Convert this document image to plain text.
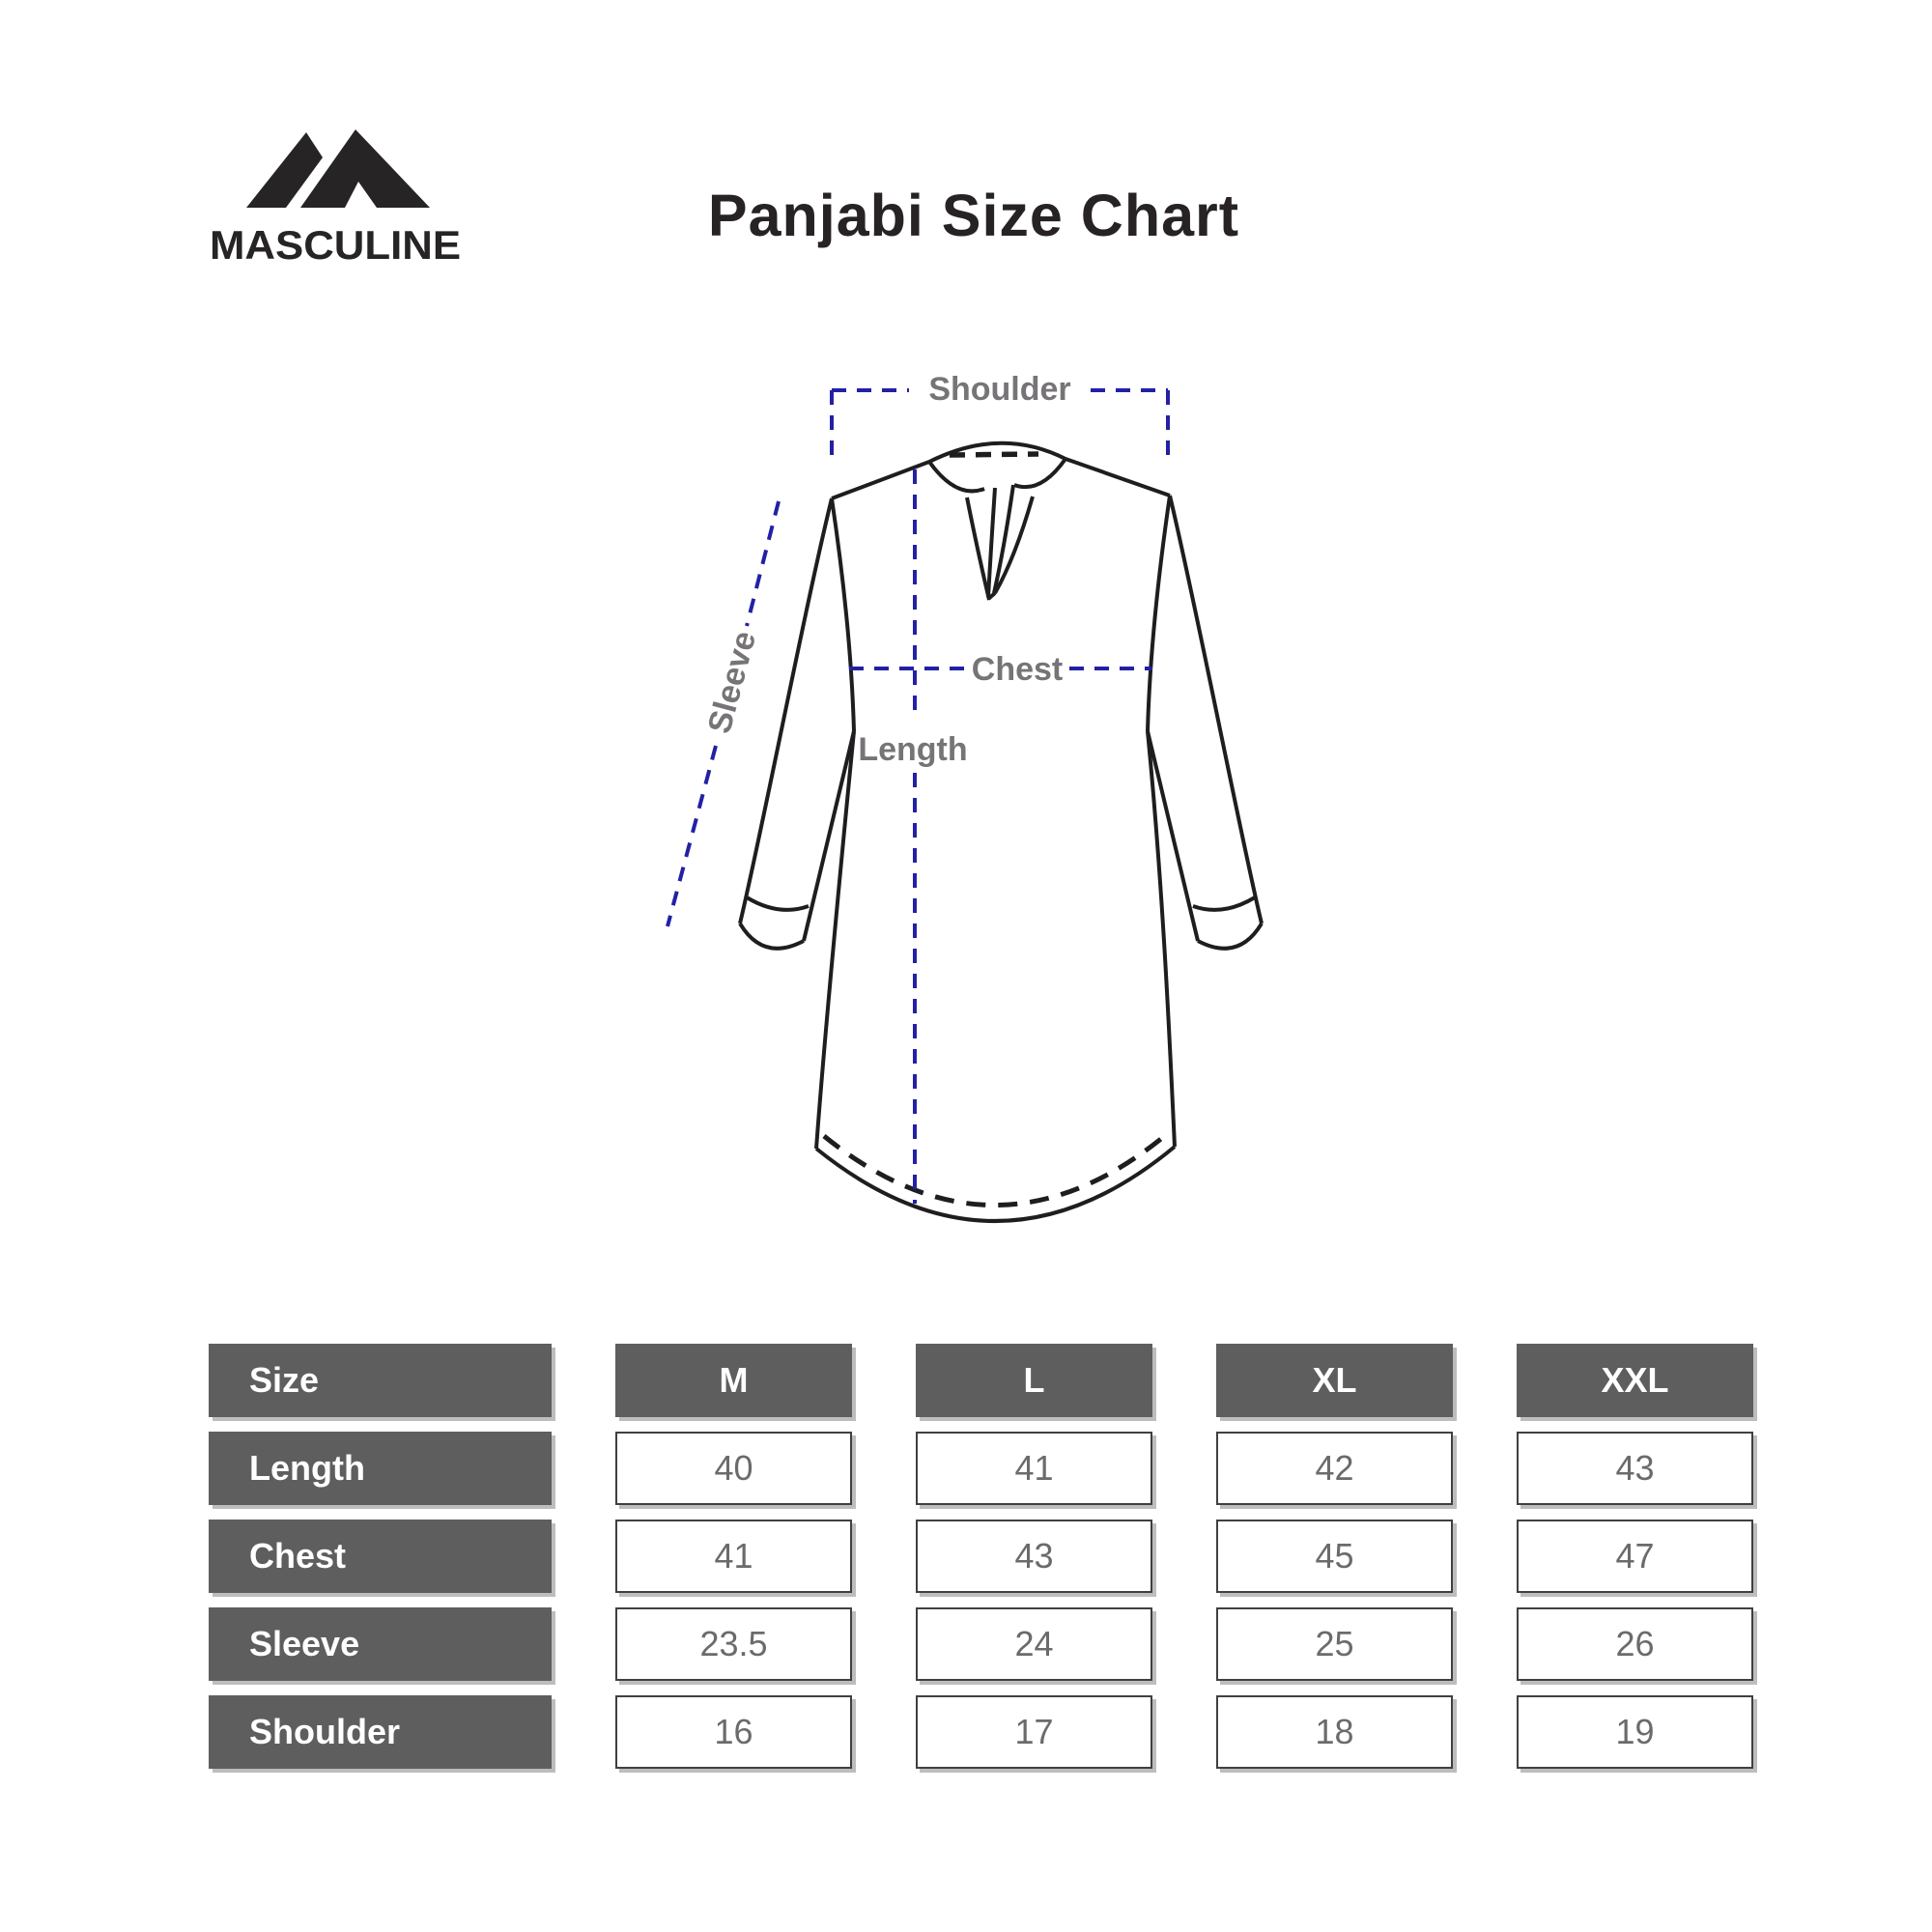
MASCULINE
Shoulder
Chest
Length
Sleeve
Panjabi Size Chart
Size	M	L	XL	XXL
Length	40	41	42	43
Chest	41	43	45	47
Sleeve	23.5	24	25	26
Shoulder	16	17	18	19
